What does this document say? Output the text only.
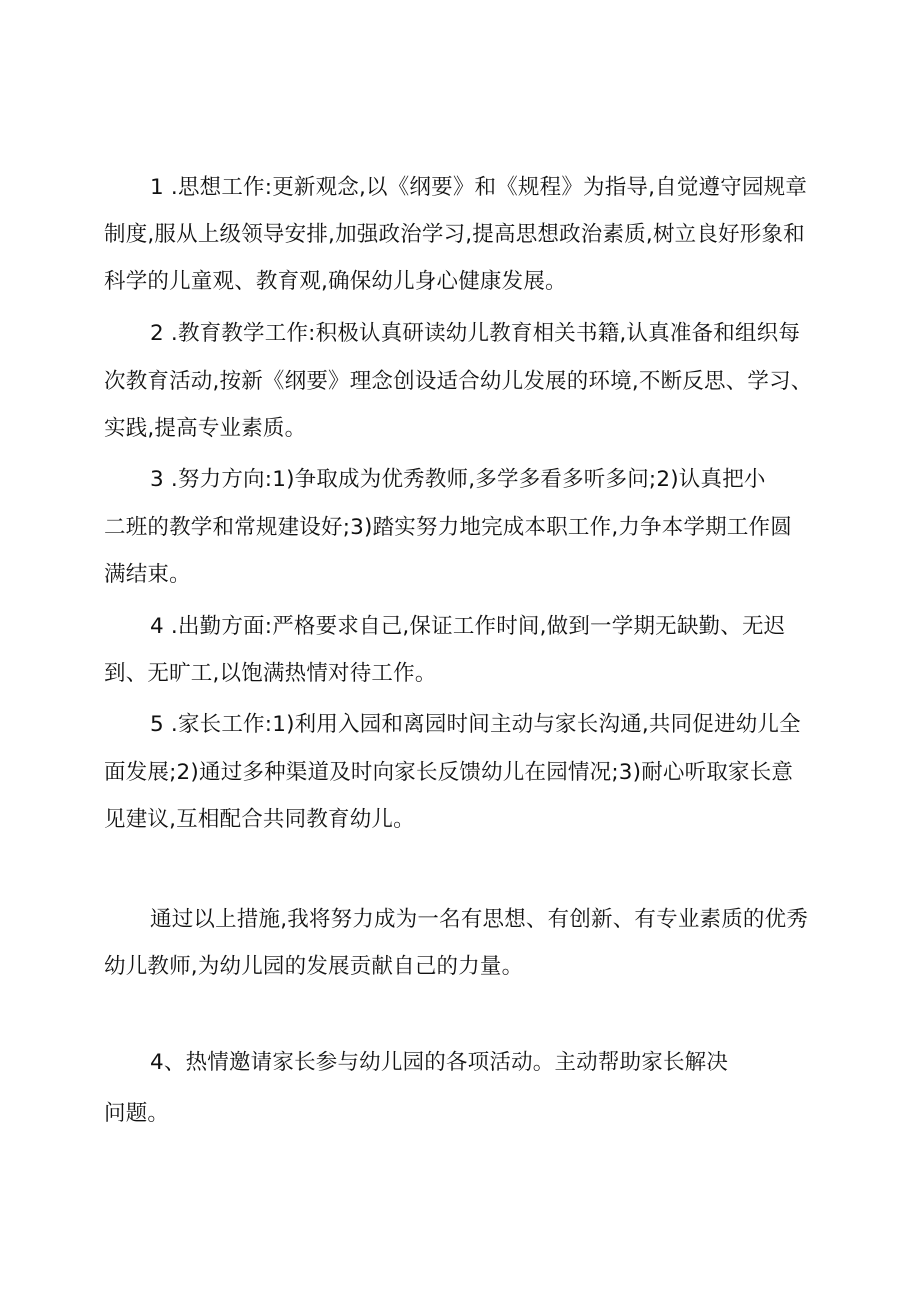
1 .思想工作:更新观念,以《纲要》和《规程》为指导,自觉遵守园规章
制度,服从上级领导安排,加强政治学习,提高思想政治素质,树立良好形象和
科学的儿童观、教育观,确保幼儿身心健康发展。
2 .教育教学工作:积极认真研读幼儿教育相关书籍,认真准备和组织每
次教育活动,按新《纲要》理念创设适合幼儿发展的环境,不断反思、学习、
实践,提高专业素质。
3 .努力方向:1)争取成为优秀教师,多学多看多听多问;2)认真把小
二班的教学和常规建设好;3)踏实努力地完成本职工作,力争本学期工作圆
满结束。
4 .出勤方面:严格要求自己,保证工作时间,做到一学期无缺勤、无迟
到、无旷工,以饱满热情对待工作。
5 .家长工作:1)利用入园和离园时间主动与家长沟通,共同促进幼儿全
面发展;2)通过多种渠道及时向家长反馈幼儿在园情况;3)耐心听取家长意
见建议,互相配合共同教育幼儿。
通过以上措施,我将努力成为一名有思想、有创新、有专业素质的优秀
幼儿教师,为幼儿园的发展贡献自己的力量。
4、热情邀请家长参与幼儿园的各项活动。主动帮助家长解决
问题。
